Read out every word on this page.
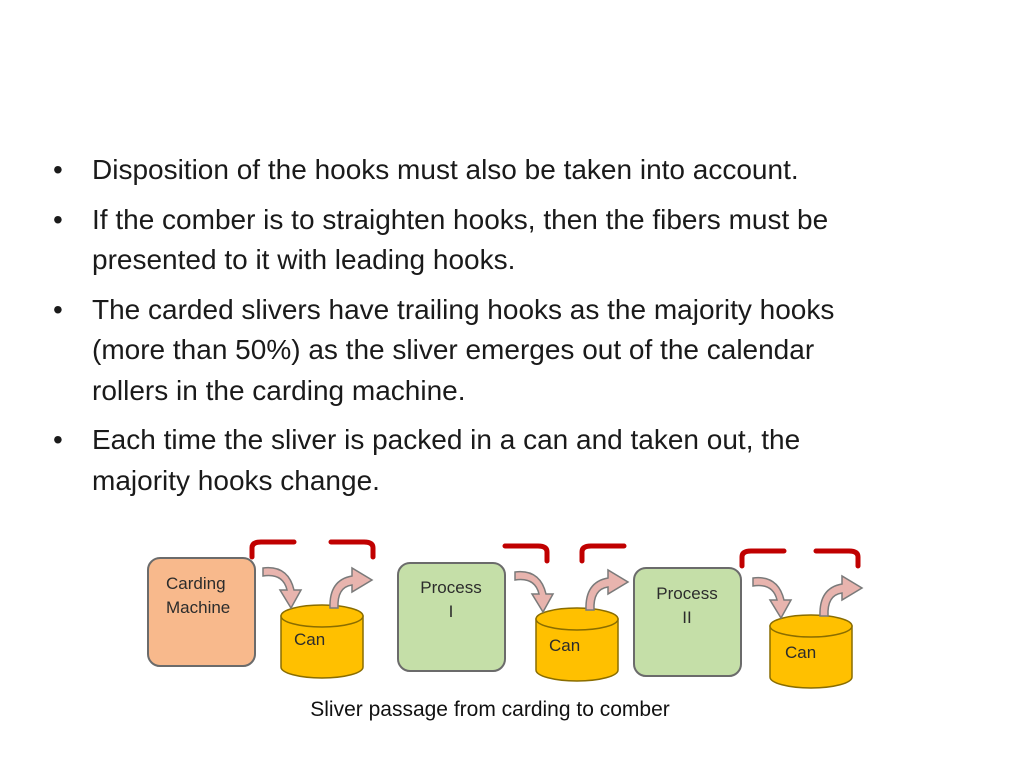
• Disposition of the hooks must also be taken into account.
• If the comber is to straighten hooks, then the fibers must be
presented to it with leading hooks.
• The carded slivers have trailing hooks as the majority hooks
(more than 50%) as the sliver emerges out of the calendar
rollers in the carding machine.
• Each time the sliver is packed in a can and taken out, the
majority hooks change.
Carding
Machine
Process
I
Process
II
Can	Can	Can
Sliver passage from carding to comber
